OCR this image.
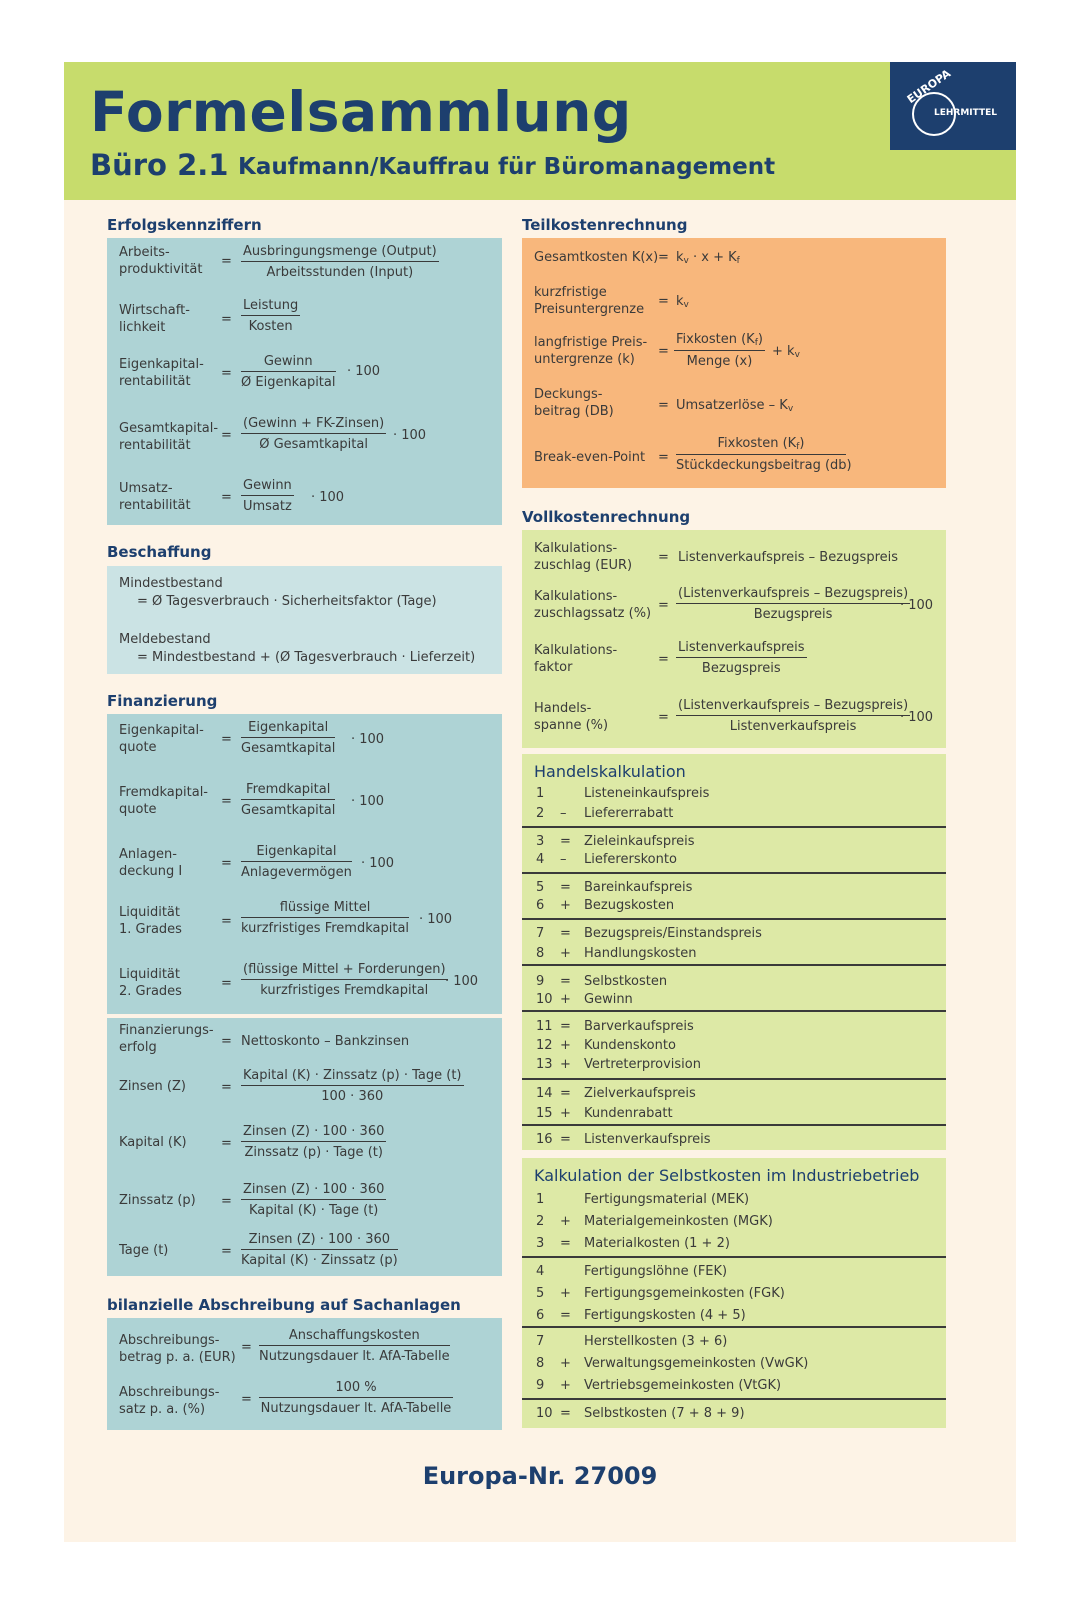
Formelsammlung
Büro 2.1 Kaufmann/Kauffrau für Büromanagement
EUROPA
LEHRMITTEL
Erfolgskennziffern
Arbeits-
produktivität
=
Ausbringungsmenge (Output)
Arbeitsstunden (Input)
Wirtschaft-
lichkeit
=
Leistung
Kosten
Eigenkapital-
rentabilität
=
Gewinn
Ø Eigenkapital
· 100
Gesamtkapital-
rentabilität
=
(Gewinn + FK-Zinsen)
Ø Gesamtkapital
· 100
Umsatz-
rentabilität
=
Gewinn
Umsatz
· 100
Beschaffung
Mindestbestand
= Ø Tagesverbrauch · Sicherheitsfaktor (Tage)
Meldebestand
= Mindestbestand + (Ø Tagesverbrauch · Lieferzeit)
Finanzierung
Eigenkapital-
quote
=
Eigenkapital
Gesamtkapital
· 100
Fremdkapital-
quote
=
Fremdkapital
Gesamtkapital
· 100
Anlagen-
deckung I
=
Eigenkapital
Anlagevermögen
· 100
Liquidität
1. Grades
=
flüssige Mittel
kurzfristiges Fremdkapital
· 100
Liquidität
2. Grades
=
(flüssige Mittel + Forderungen)
kurzfristiges Fremdkapital
· 100
Finanzierungs-
erfolg	= Nettoskonto – Bankzinsen
Zinsen (Z)	=
Kapital (K) · Zinssatz (p) · Tage (t)
100 · 360
Kapital (K)	=
Zinsen (Z) · 100 · 360
Zinssatz (p) · Tage (t)
Zinssatz (p) =
Zinsen (Z) · 100 · 360
Kapital (K) · Tage (t)
Tage (t)	=
Zinsen (Z) · 100 · 360
Kapital (K) · Zinssatz (p)
bilanzielle Abschreibung auf Sachanlagen
Abschreibungs-
betrag p. a. (EUR)
=
Anschaffungskosten
Nutzungsdauer lt. AfA-Tabelle
Abschreibungs-
satz p. a. (%)
=
100 %
Nutzungsdauer lt. AfA-Tabelle
Teilkostenrechnung
Gesamtkosten $K(x) = k_v \cdot x + K_f$
kurzfristige
Preisuntergrenze
= $k_v$
langfristige Preis-
untergrenze (k)
=
Fixkosten $(K_f)$
Menge (x)
+ $k_v$
Deckungs-
beitrag (DB)	= Umsatzerlöse – $K_v$
Break-even-Point =
Fixkosten $(K_f)$
Stückdeckungsbeitrag (db)
Vollkostenrechnung
Kalkulations-
zuschlag (EUR)
= Listenverkaufspreis – Bezugspreis
Kalkulations-
zuschlagssatz (%)
=
(Listenverkaufspreis – Bezugspreis)
Bezugspreis
· 100
Kalkulations-
faktor
=
Listenverkaufspreis
Bezugspreis
Handels-
spanne (%)
=
(Listenverkaufspreis – Bezugspreis)
Listenverkaufspreis
· 100
Handelskalkulation
1	Listeneinkaufspreis
2 – Liefererrabatt
3 = Zieleinkaufspreis
4 – Liefererskonto
5 = Bareinkaufspreis
6 + Bezugskosten
7 = Bezugspreis/Einstandspreis
8 + Handlungskosten
9 = Selbstkosten
10 + Gewinn
11 = Barverkaufspreis
12 + Kundenskonto
13 + Vertreterprovision
14 = Zielverkaufspreis
15 + Kundenrabatt
16 = Listenverkaufspreis
Kalkulation der Selbstkosten im Industriebetrieb
1	Fertigungsmaterial (MEK)
2 + Materialgemeinkosten (MGK)
3 = Materialkosten (1 + 2)
4	Fertigungslöhne (FEK)
5 + Fertigungsgemeinkosten (FGK)
6 = Fertigungskosten (4 + 5)
7	Herstellkosten (3 + 6)
8 + Verwaltungsgemeinkosten (VwGK)
9 + Vertriebsgemeinkosten (VtGK)
10 = Selbstkosten (7 + 8 + 9)
Europa-Nr. 27009
